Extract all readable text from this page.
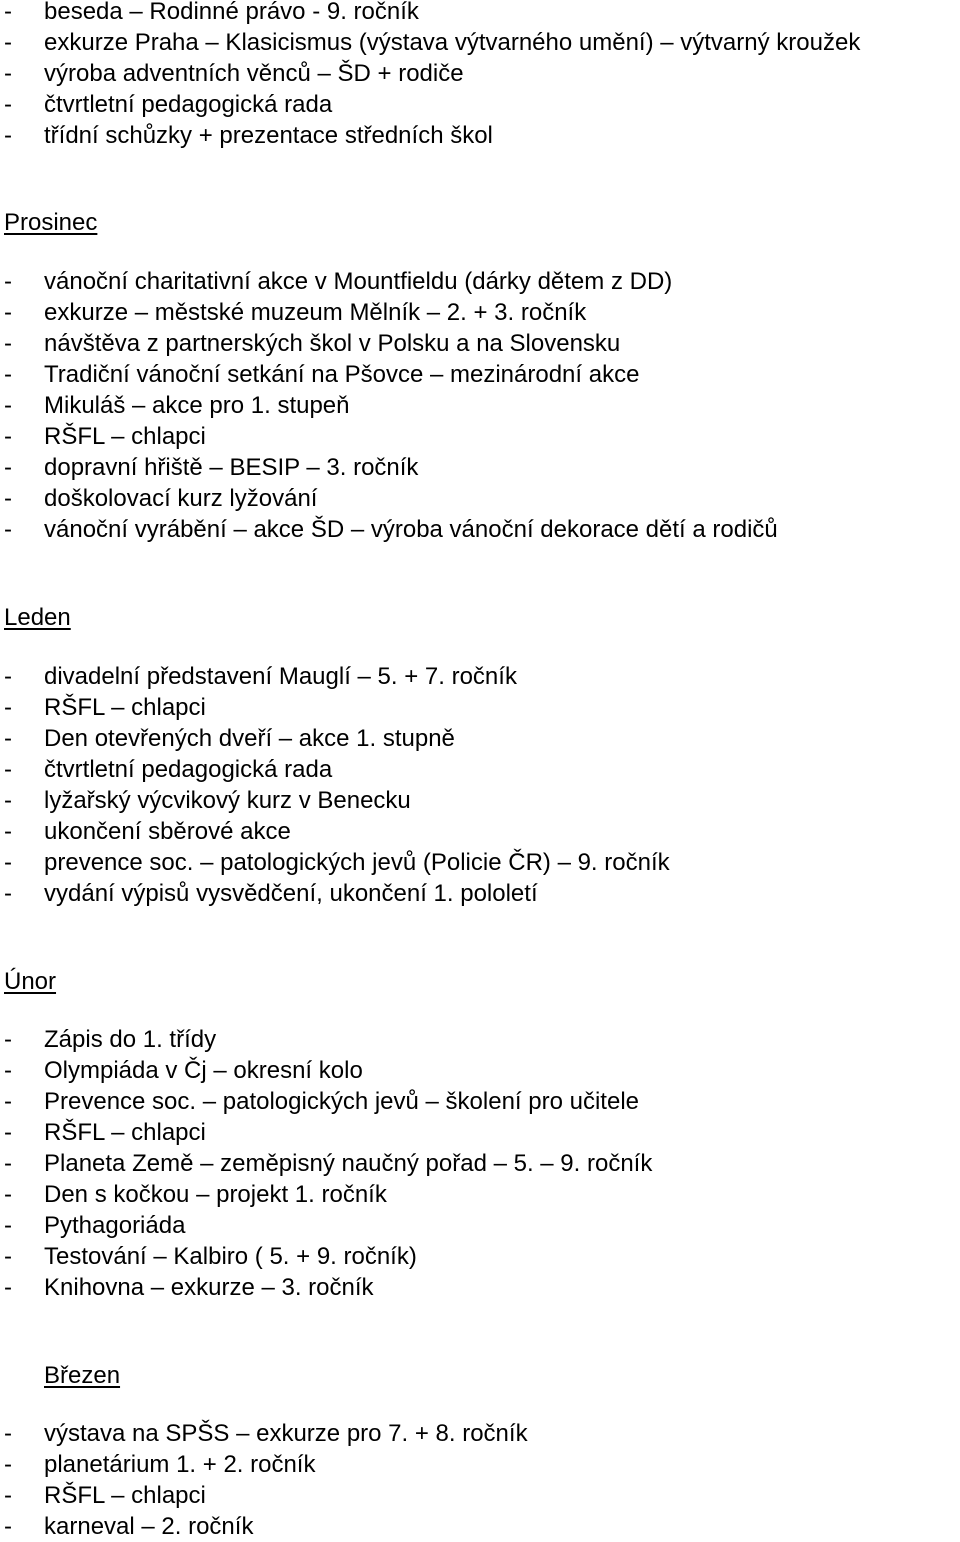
- beseda – Rodinné právo - 9. ročník
- exkurze Praha – Klasicismus (výstava výtvarného umění) – výtvarný kroužek
- výroba adventních věnců – ŠD + rodiče
- čtvrtletní pedagogická rada
- třídní schůzky + prezentace středních škol
Prosinec
- vánoční charitativní akce v Mountfieldu (dárky dětem z DD)
- exkurze – městské muzeum Mělník – 2. + 3. ročník
- návštěva z partnerských škol v Polsku a na Slovensku
- Tradiční vánoční setkání na Pšovce – mezinárodní akce
- Mikuláš – akce pro 1. stupeň
- RŠFL – chlapci
- dopravní hřiště – BESIP – 3. ročník
- doškolovací kurz lyžování
- vánoční vyrábění – akce ŠD – výroba vánoční dekorace dětí a rodičů
Leden
- divadelní představení Mauglí – 5. + 7. ročník
- RŠFL – chlapci
- Den otevřených dveří – akce 1. stupně
- čtvrtletní pedagogická rada
- lyžařský výcvikový kurz v Benecku
- ukončení sběrové akce
- prevence soc. – patologických jevů (Policie ČR) – 9. ročník
- vydání výpisů vysvědčení, ukončení 1. pololetí
Únor
- Zápis do 1. třídy
- Olympiáda v Čj – okresní kolo
- Prevence soc. – patologických jevů – školení pro učitele
- RŠFL – chlapci
- Planeta Země – zeměpisný naučný pořad – 5. – 9. ročník
- Den s kočkou – projekt 1. ročník
- Pythagoriáda
- Testování – Kalbiro ( 5. + 9. ročník)
- Knihovna – exkurze – 3. ročník
Březen
- výstava na SPŠS – exkurze pro 7. + 8. ročník
- planetárium 1. + 2. ročník
- RŠFL – chlapci
- karneval – 2. ročník
